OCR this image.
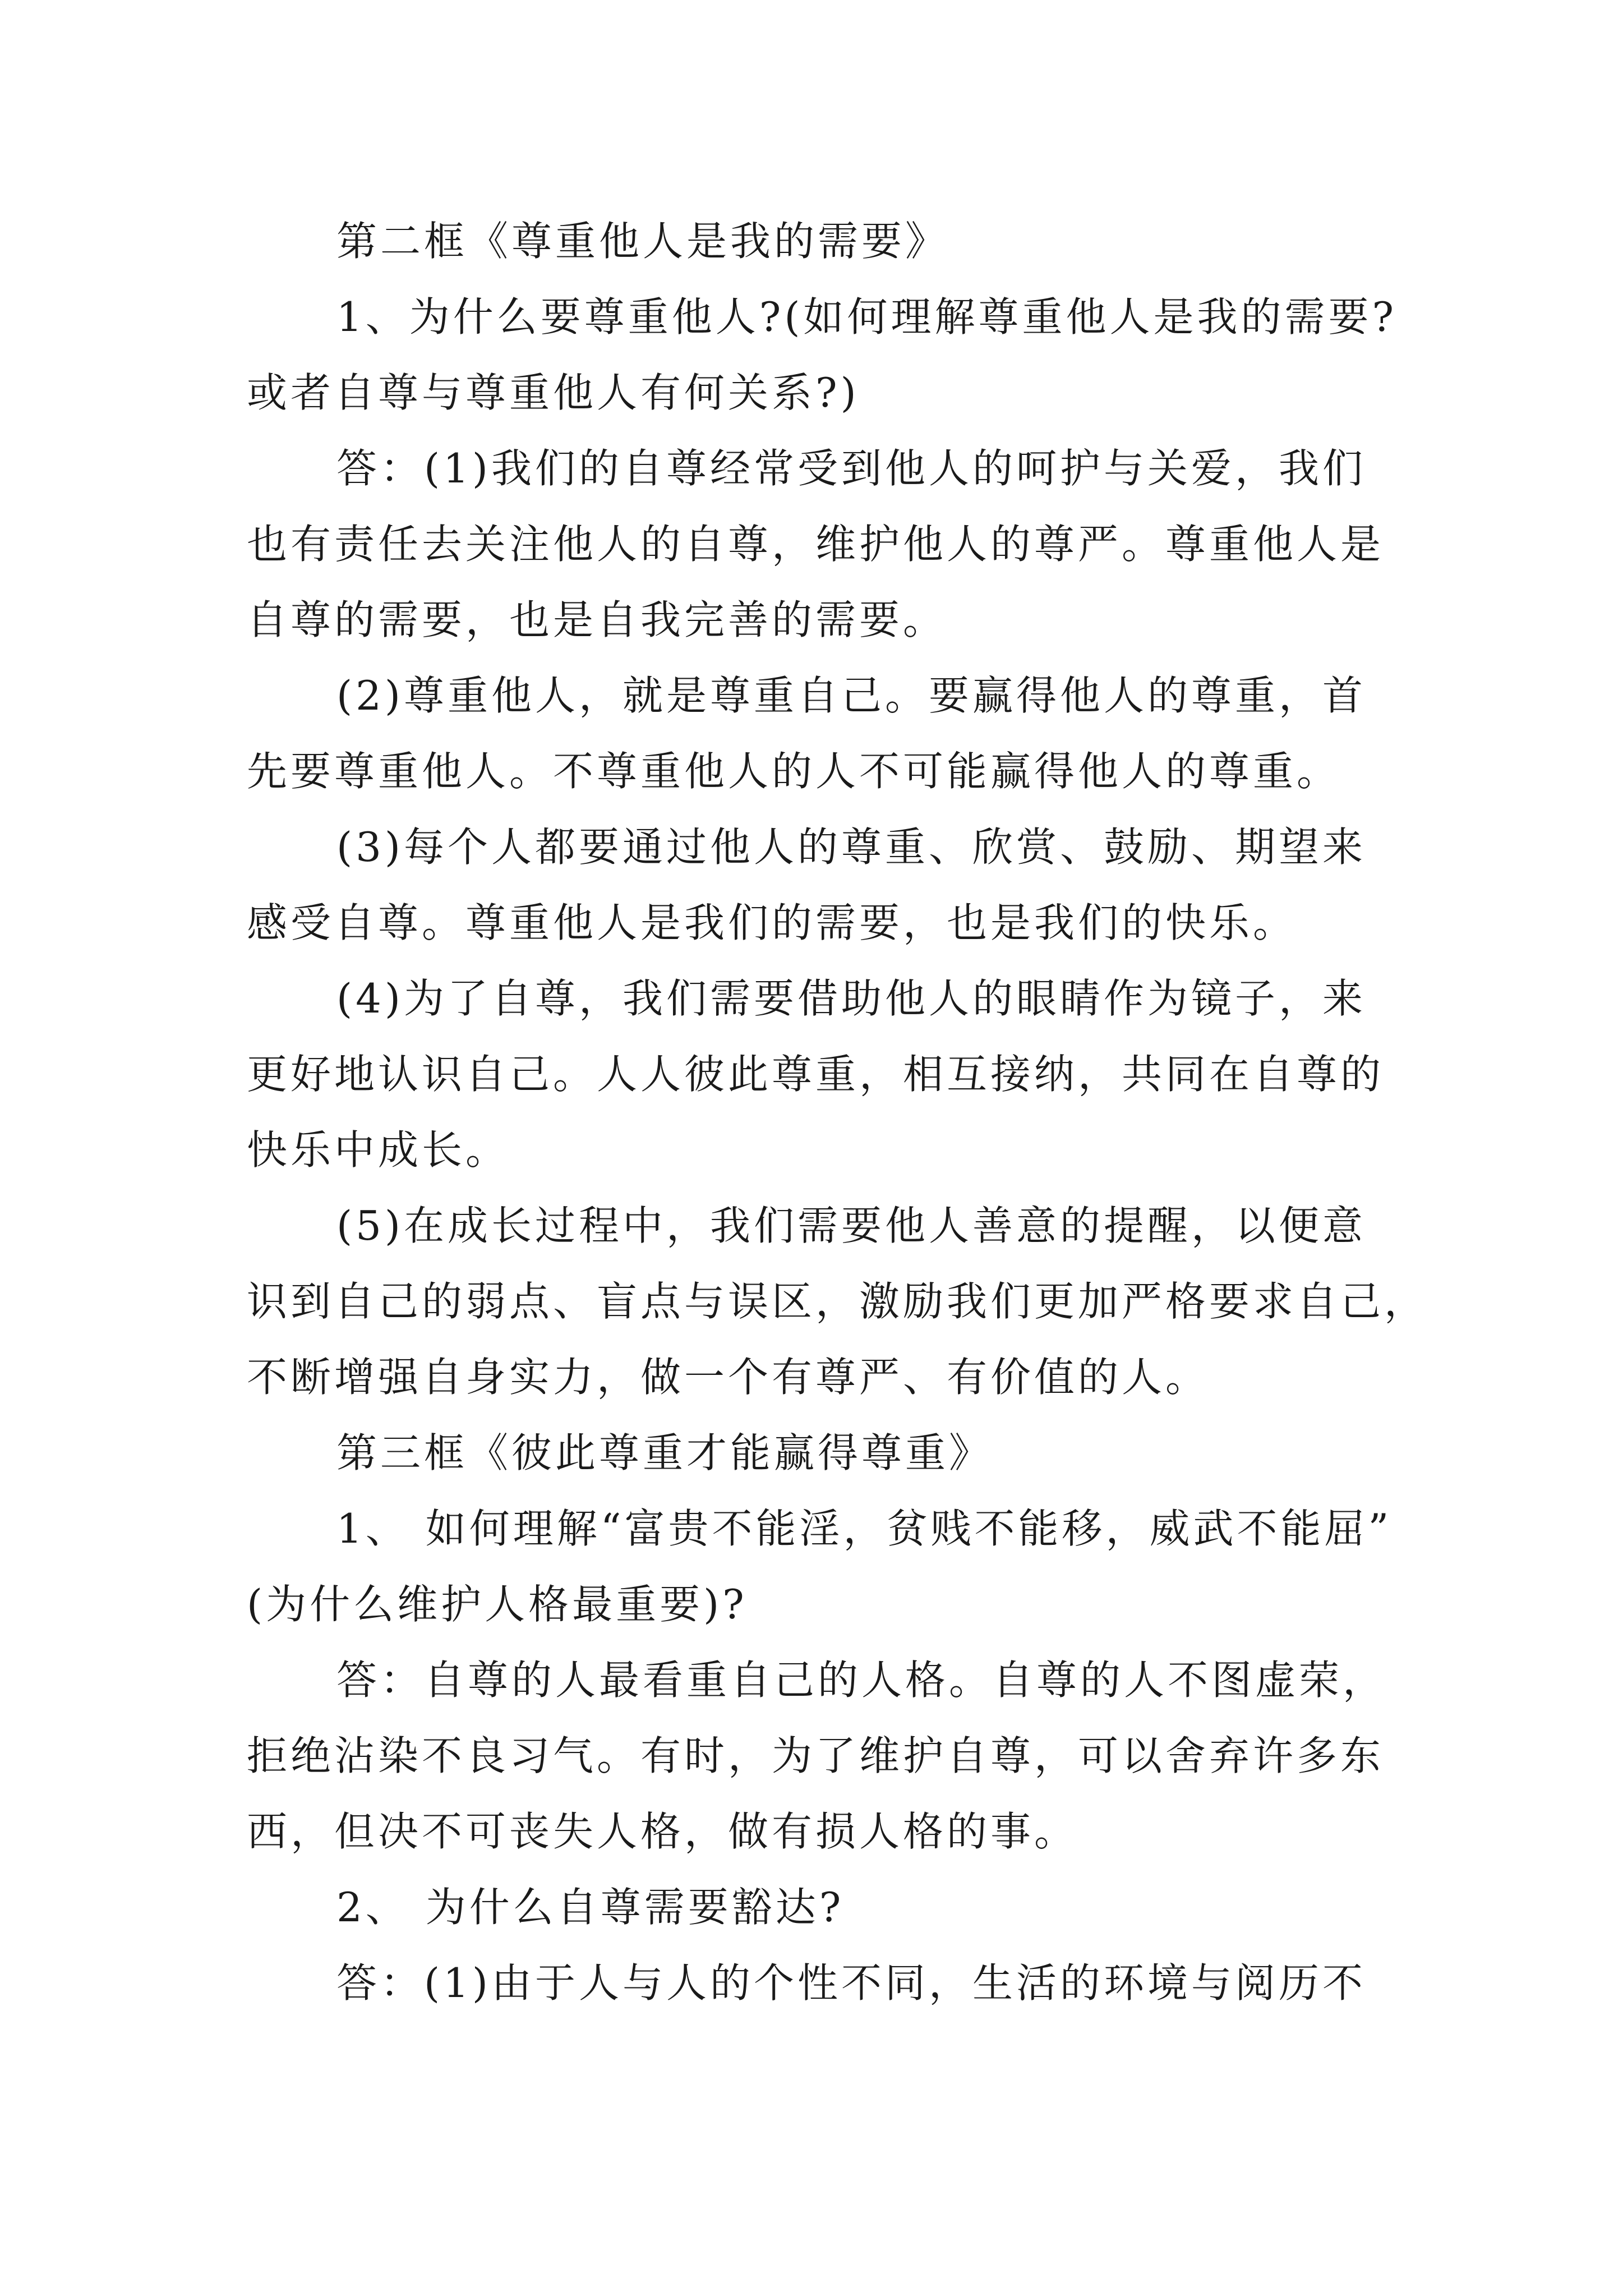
第二框《尊重他人是我的需要》
1、为什么要尊重他人?(如何理解尊重他人是我的需要?
或者自尊与尊重他人有何关系?)
答：(1)我们的自尊经常受到他人的呵护与关爱，我们
也有责任去关注他人的自尊，维护他人的尊严。尊重他人是
自尊的需要，也是自我完善的需要。
(2)尊重他人，就是尊重自己。要赢得他人的尊重，首
先要尊重他人。不尊重他人的人不可能赢得他人的尊重。
(3)每个人都要通过他人的尊重、欣赏、鼓励、期望来
感受自尊。尊重他人是我们的需要，也是我们的快乐。
(4)为了自尊，我们需要借助他人的眼睛作为镜子，来
更好地认识自己。人人彼此尊重，相互接纳，共同在自尊的
快乐中成长。
(5)在成长过程中，我们需要他人善意的提醒，以便意
识到自己的弱点、盲点与误区，激励我们更加严格要求自己，
不断增强自身实力，做一个有尊严、有价值的人。
第三框《彼此尊重才能赢得尊重》
1、 如何理解“富贵不能淫，贫贱不能移，威武不能屈”
(为什么维护人格最重要)?
答：自尊的人最看重自己的人格。自尊的人不图虚荣，
拒绝沾染不良习气。有时，为了维护自尊，可以舍弃许多东
西，但决不可丧失人格，做有损人格的事。
2、 为什么自尊需要豁达?
答：(1)由于人与人的个性不同，生活的环境与阅历不
